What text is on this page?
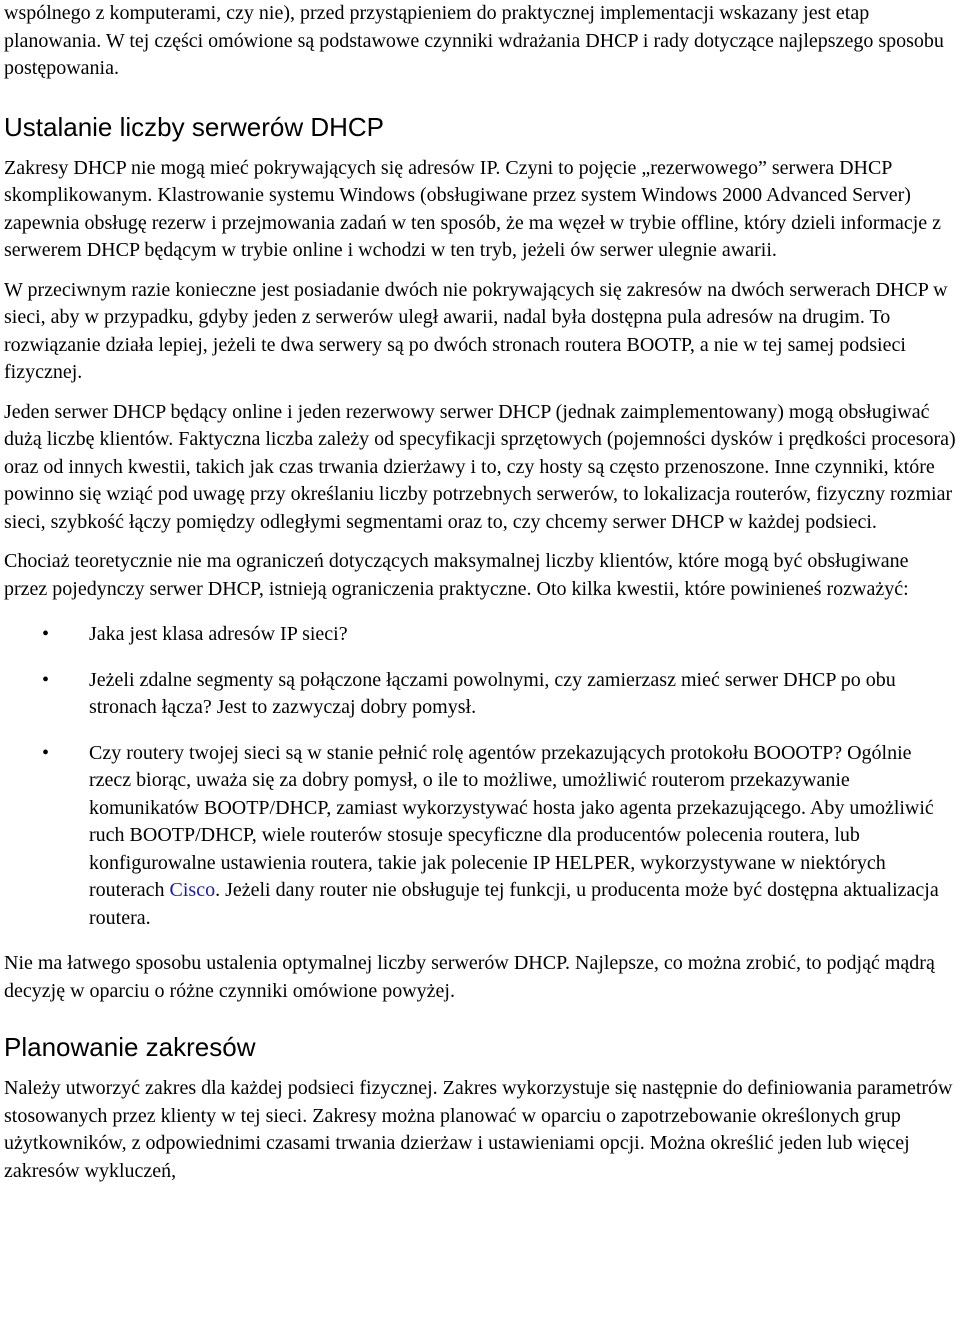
wspólnego z komputerami, czy nie), przed przystąpieniem do praktycznej implementacji wskazany jest etap planowania. W tej części omówione są podstawowe czynniki wdrażania DHCP i rady dotyczące najlepszego sposobu postępowania.

Ustalanie liczby serwerów DHCP

Zakresy DHCP nie mogą mieć pokrywających się adresów IP. Czyni to pojęcie „rezerwowego” serwera DHCP skomplikowanym. Klastrowanie systemu Windows (obsługiwane przez system Windows 2000 Advanced Server) zapewnia obsługę rezerw i przejmowania zadań w ten sposób, że ma węzeł w trybie offline, który dzieli informacje z serwerem DHCP będącym w trybie online i wchodzi w ten tryb, jeżeli ów serwer ulegnie awarii.

W przeciwnym razie konieczne jest posiadanie dwóch nie pokrywających się zakresów na dwóch serwerach DHCP w sieci, aby w przypadku, gdyby jeden z serwerów uległ awarii, nadal była dostępna pula adresów na drugim. To rozwiązanie działa lepiej, jeżeli te dwa serwery są po dwóch stronach routera BOOTP, a nie w tej samej podsieci fizycznej.

Jeden serwer DHCP będący online i jeden rezerwowy serwer DHCP (jednak zaimplementowany) mogą obsługiwać dużą liczbę klientów. Faktyczna liczba zależy od specyfikacji sprzętowych (pojemności dysków i prędkości procesora) oraz od innych kwestii, takich jak czas trwania dzierżawy i to, czy hosty są często przenoszone. Inne czynniki, które powinno się wziąć pod uwagę przy określaniu liczby potrzebnych serwerów, to lokalizacja routerów, fizyczny rozmiar sieci, szybkość łączy pomiędzy odległymi segmentami oraz to, czy chcemy serwer DHCP w każdej podsieci.

Chociaż teoretycznie nie ma ograniczeń dotyczących maksymalnej liczby klientów, które mogą być obsługiwane przez pojedynczy serwer DHCP, istnieją ograniczenia praktyczne. Oto kilka kwestii, które powinieneś rozważyć:

• Jaka jest klasa adresów IP sieci?
• Jeżeli zdalne segmenty są połączone łączami powolnymi, czy zamierzasz mieć serwer DHCP po obu stronach łącza? Jest to zazwyczaj dobry pomysł.
• Czy routery twojej sieci są w stanie pełnić rolę agentów przekazujących protokołu BOOOTP? Ogólnie rzecz biorąc, uważa się za dobry pomysł, o ile to możliwe, umożliwić routerom przekazywanie komunikatów BOOTP/DHCP, zamiast wykorzystywać hosta jako agenta przekazującego. Aby umożliwić ruch BOOTP/DHCP, wiele routerów stosuje specyficzne dla producentów polecenia routera, lub konfigurowalne ustawienia routera, takie jak polecenie IP HELPER, wykorzystywane w niektórych routerach Cisco. Jeżeli dany router nie obsługuje tej funkcji, u producenta może być dostępna aktualizacja routera.

Nie ma łatwego sposobu ustalenia optymalnej liczby serwerów DHCP. Najlepsze, co można zrobić, to podjąć mądrą decyzję w oparciu o różne czynniki omówione powyżej.

Planowanie zakresów

Należy utworzyć zakres dla każdej podsieci fizycznej. Zakres wykorzystuje się następnie do definiowania parametrów stosowanych przez klienty w tej sieci. Zakresy można planować w oparciu o zapotrzebowanie określonych grup użytkowników, z odpowiednimi czasami trwania dzierżaw i ustawieniami opcji. Można określić jeden lub więcej zakresów wykluczeń,
